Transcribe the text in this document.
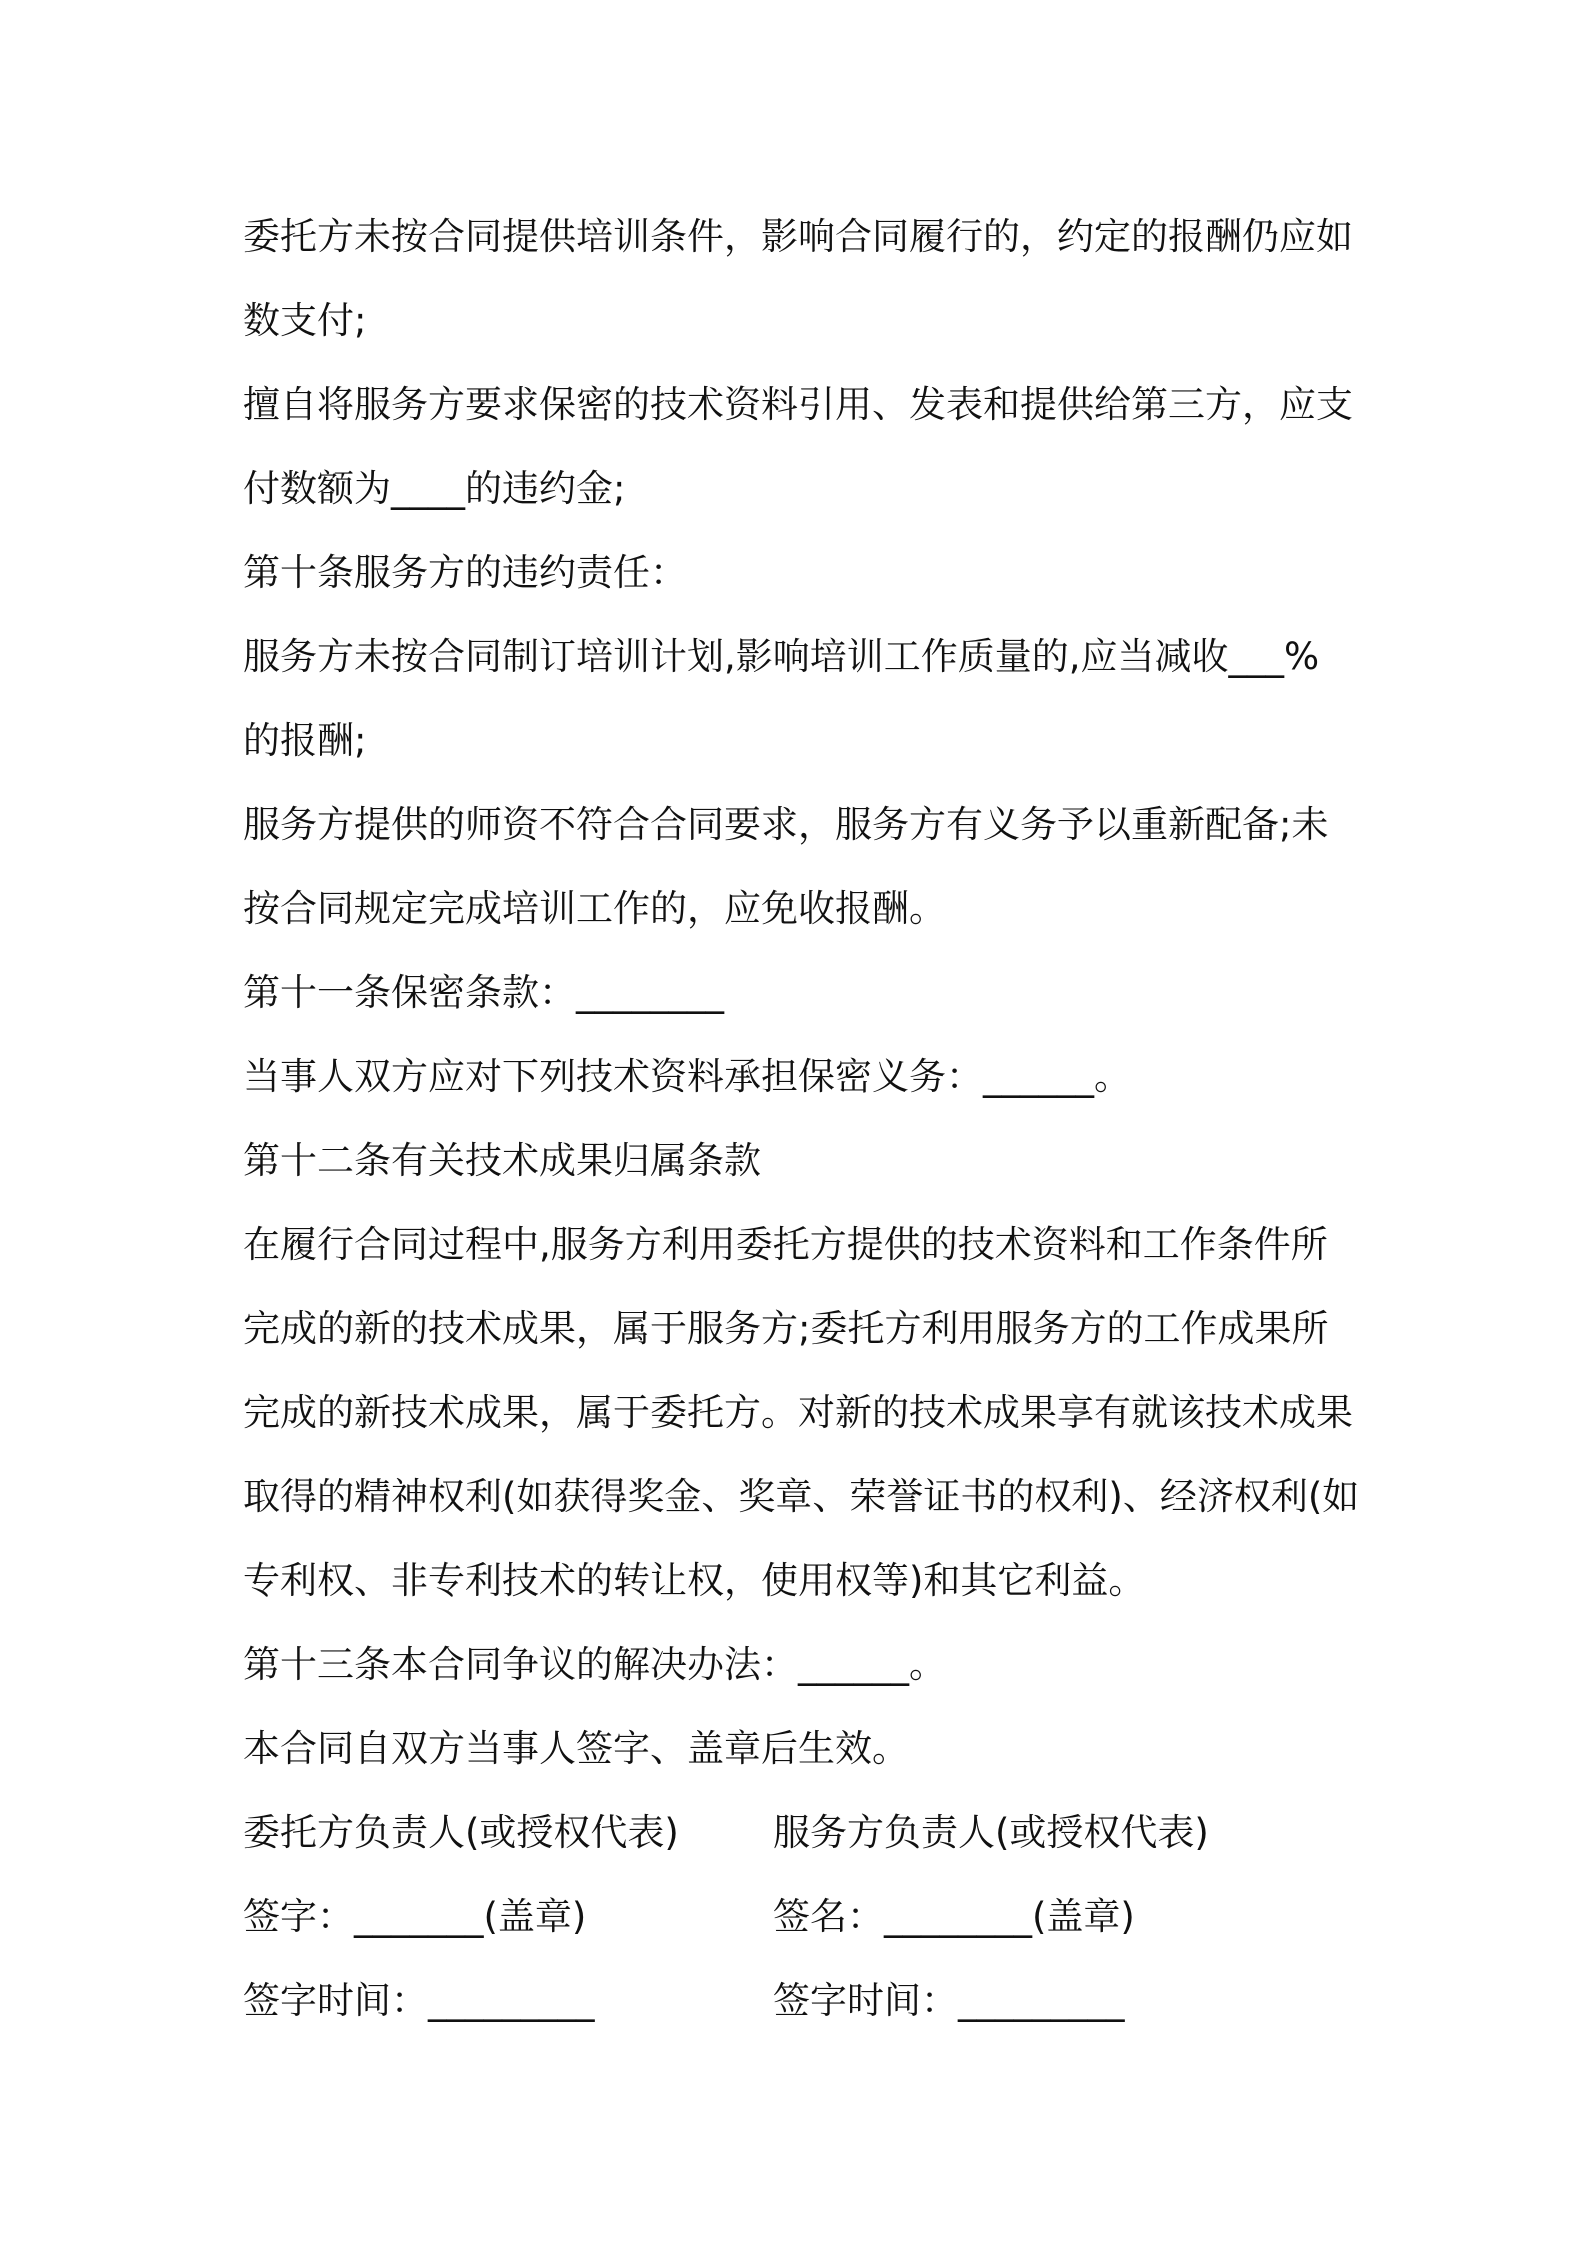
委托方未按合同提供培训条件，影响合同履行的，约定的报酬仍应如

数支付;

擅自将服务方要求保密的技术资料引用、发表和提供给第三方，应支

付数额为____的违约金;

第十条服务方的违约责任：

服务方未按合同制订培训计划,影响培训工作质量的,应当减收___%

的报酬;

服务方提供的师资不符合合同要求，服务方有义务予以重新配备;未

按合同规定完成培训工作的，应免收报酬。

第十一条保密条款：________

当事人双方应对下列技术资料承担保密义务：______。

第十二条有关技术成果归属条款

在履行合同过程中,服务方利用委托方提供的技术资料和工作条件所

完成的新的技术成果，属于服务方;委托方利用服务方的工作成果所

完成的新技术成果，属于委托方。对新的技术成果享有就该技术成果

取得的精神权利(如获得奖金、奖章、荣誉证书的权利)、经济权利(如

专利权、非专利技术的转让权，使用权等)和其它利益。

第十三条本合同争议的解决办法：______。

本合同自双方当事人签字、盖章后生效。

委托方负责人(或授权代表)	服务方负责人(或授权代表)
签字：_______(盖章)	签名：________(盖章)
签字时间：_________	签字时间：_________
